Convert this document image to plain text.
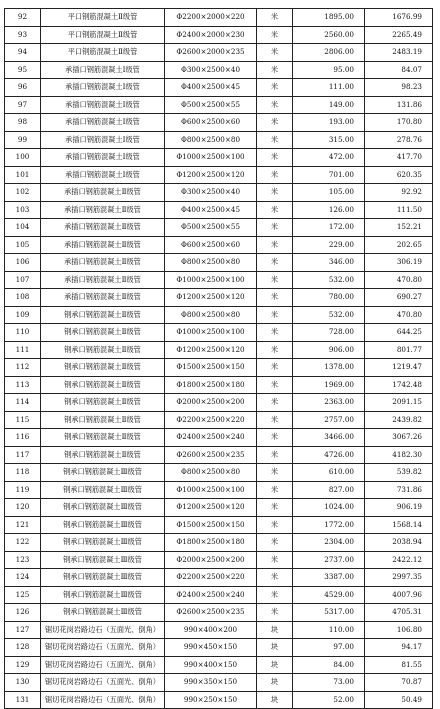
92	平口钢筋混凝土Ⅱ级管	Φ2200×2000×220	米	1895.00	1676.99
93	平口钢筋混凝土Ⅱ级管	Φ2400×2000×230	米	2560.00	2265.49
94	平口钢筋混凝土Ⅱ级管	Φ2600×2000×235	米	2806.00	2483.19
95	承插口钢筋混凝土Ⅰ级管	Φ300×2500×40	米	95.00	84.07
96	承插口钢筋混凝土Ⅰ级管	Φ400×2500×45	米	111.00	98.23
97	承插口钢筋混凝土Ⅰ级管	Φ500×2500×55	米	149.00	131.86
98	承插口钢筋混凝土Ⅰ级管	Φ600×2500×60	米	193.00	170.80
99	承插口钢筋混凝土Ⅰ级管	Φ800×2500×80	米	315.00	278.76
100	承插口钢筋混凝土Ⅰ级管	Φ1000×2500×100	米	472.00	417.70
101	承插口钢筋混凝土Ⅰ级管	Φ1200×2500×120	米	701.00	620.35
102	承插口钢筋混凝土Ⅱ级管	Φ300×2500×40	米	105.00	92.92
103	承插口钢筋混凝土Ⅱ级管	Φ400×2500×45	米	126.00	111.50
104	承插口钢筋混凝土Ⅱ级管	Φ500×2500×55	米	172.00	152.21
105	承插口钢筋混凝土Ⅱ级管	Φ600×2500×60	米	229.00	202.65
106	承插口钢筋混凝土Ⅱ级管	Φ800×2500×80	米	346.00	306.19
107	承插口钢筋混凝土Ⅱ级管	Φ1000×2500×100	米	532.00	470.80
108	承插口钢筋混凝土Ⅱ级管	Φ1200×2500×120	米	780.00	690.27
109	钢承口钢筋混凝土Ⅱ级管	Φ800×2500×80	米	532.00	470.80
110	钢承口钢筋混凝土Ⅱ级管	Φ1000×2500×100	米	728.00	644.25
111	钢承口钢筋混凝土Ⅱ级管	Φ1200×2500×120	米	906.00	801.77
112	钢承口钢筋混凝土Ⅱ级管	Φ1500×2500×150	米	1378.00	1219.47
113	钢承口钢筋混凝土Ⅱ级管	Φ1800×2500×180	米	1969.00	1742.48
114	钢承口钢筋混凝土Ⅱ级管	Φ2000×2500×200	米	2363.00	2091.15
115	钢承口钢筋混凝土Ⅱ级管	Φ2200×2500×220	米	2757.00	2439.82
116	钢承口钢筋混凝土Ⅱ级管	Φ2400×2500×240	米	3466.00	3067.26
117	钢承口钢筋混凝土Ⅱ级管	Φ2600×2500×235	米	4726.00	4182.30
118	钢承口钢筋混凝土Ⅲ级管	Φ800×2500×80	米	610.00	539.82
119	钢承口钢筋混凝土Ⅲ级管	Φ1000×2500×100	米	827.00	731.86
120	钢承口钢筋混凝土Ⅲ级管	Φ1200×2500×120	米	1024.00	906.19
121	钢承口钢筋混凝土Ⅲ级管	Φ1500×2500×150	米	1772.00	1568.14
122	钢承口钢筋混凝土Ⅲ级管	Φ1800×2500×180	米	2304.00	2038.94
123	钢承口钢筋混凝土Ⅲ级管	Φ2000×2500×200	米	2737.00	2422.12
124	钢承口钢筋混凝土Ⅲ级管	Φ2200×2500×220	米	3387.00	2997.35
125	钢承口钢筋混凝土Ⅲ级管	Φ2400×2500×240	米	4529.00	4007.96
126	钢承口钢筋混凝土Ⅲ级管	Φ2600×2500×235	米	5317.00	4705.31
127	锯切花岗岩路边石（五面光、倒角）	990×400×200	块	110.00	106.80
128	锯切花岗岩路边石（五面光、倒角）	990×450×150	块	97.00	94.17
129	锯切花岗岩路边石（五面光、倒角）	990×400×150	块	84.00	81.55
130	锯切花岗岩路边石（五面光、倒角）	990×350×150	块	73.00	70.87
131	锯切花岗岩路边石（五面光、倒角）	990×250×150	块	52.00	50.49
